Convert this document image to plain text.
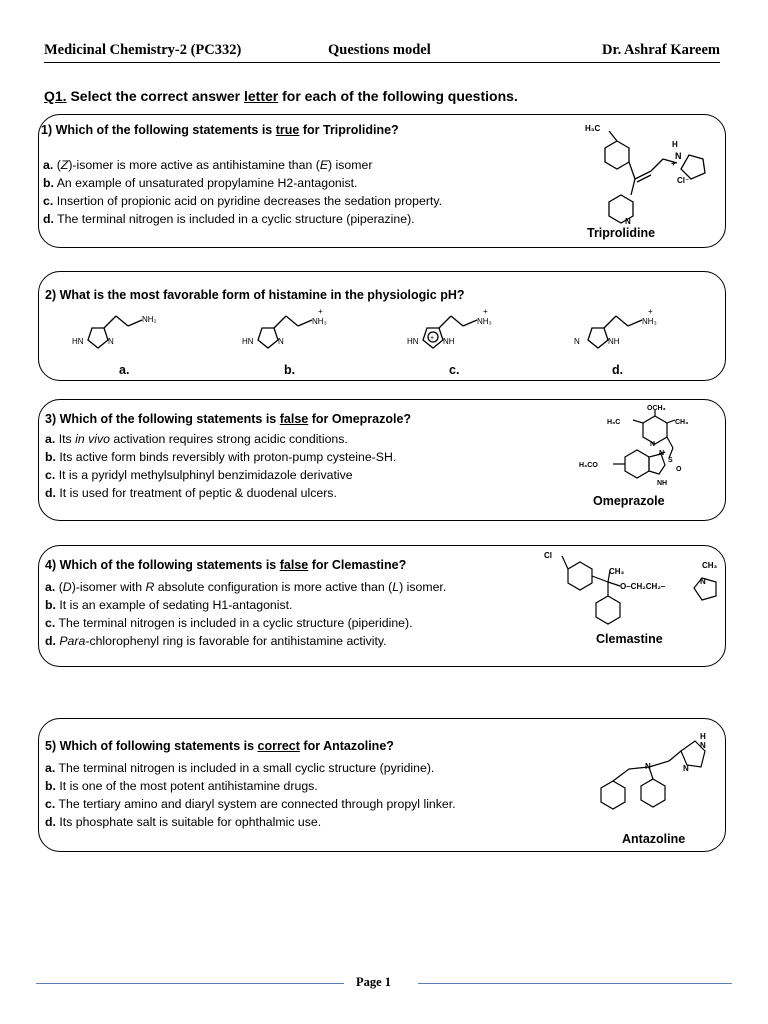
Medicinal Chemistry-2 (PC332)	Questions model	Dr. Ashraf Kareem
Q1. Select the correct answer letter for each of the following questions.
1) Which of the following statements is true for Triprolidine?
a. (Z)-isomer is more active as antihistamine than (E) isomer
b. An example of unsaturated propylamine H2-antagonist.
c. Insertion of propionic acid on pyridine decreases the sedation property.
d. The terminal nitrogen is included in a cyclic structure (piperazine).
H₃C
H
N
+
Cl⁻
N
Triprolidine
2) What is the most favorable form of histamine in the physiologic pH?
NH₂
HN	N
+
NH₃
HN	N	+
+
NH₃
HN	NH
+
NH₃
N	NH
a.	b.	c.	d.
3) Which of the following statements is false for Omeprazole?
a. Its in vivo activation requires strong acidic conditions.
b. Its active form binds reversibly with proton-pump cysteine-SH.
c. It is a pyridyl methylsulphinyl benzimidazole derivative
d. It is used for treatment of peptic & duodenal ulcers.
OCH₃
H₃C	CH₃
N
N
S
O
H₃CO
NH
Omeprazole
4) Which of the following statements is false for Clemastine?
a. (D)-isomer with R absolute configuration is more active than (L) isomer.
b. It is an example of sedating H1-antagonist.
c. The terminal nitrogen is included in a cyclic structure (piperidine).
d. Para-chlorophenyl ring is favorable for antihistamine activity.
Cl
CH₃
O–CH₂CH₂–
CH₃
N
Clemastine
5) Which of following statements is correct for Antazoline?
a. The terminal nitrogen is included in a small cyclic structure (pyridine).
b. It is one of the most potent antihistamine drugs.
c. The tertiary amino and diaryl system are connected through propyl linker.
d. Its phosphate salt is suitable for ophthalmic use.
H
N
N
N
Antazoline
Page 1
